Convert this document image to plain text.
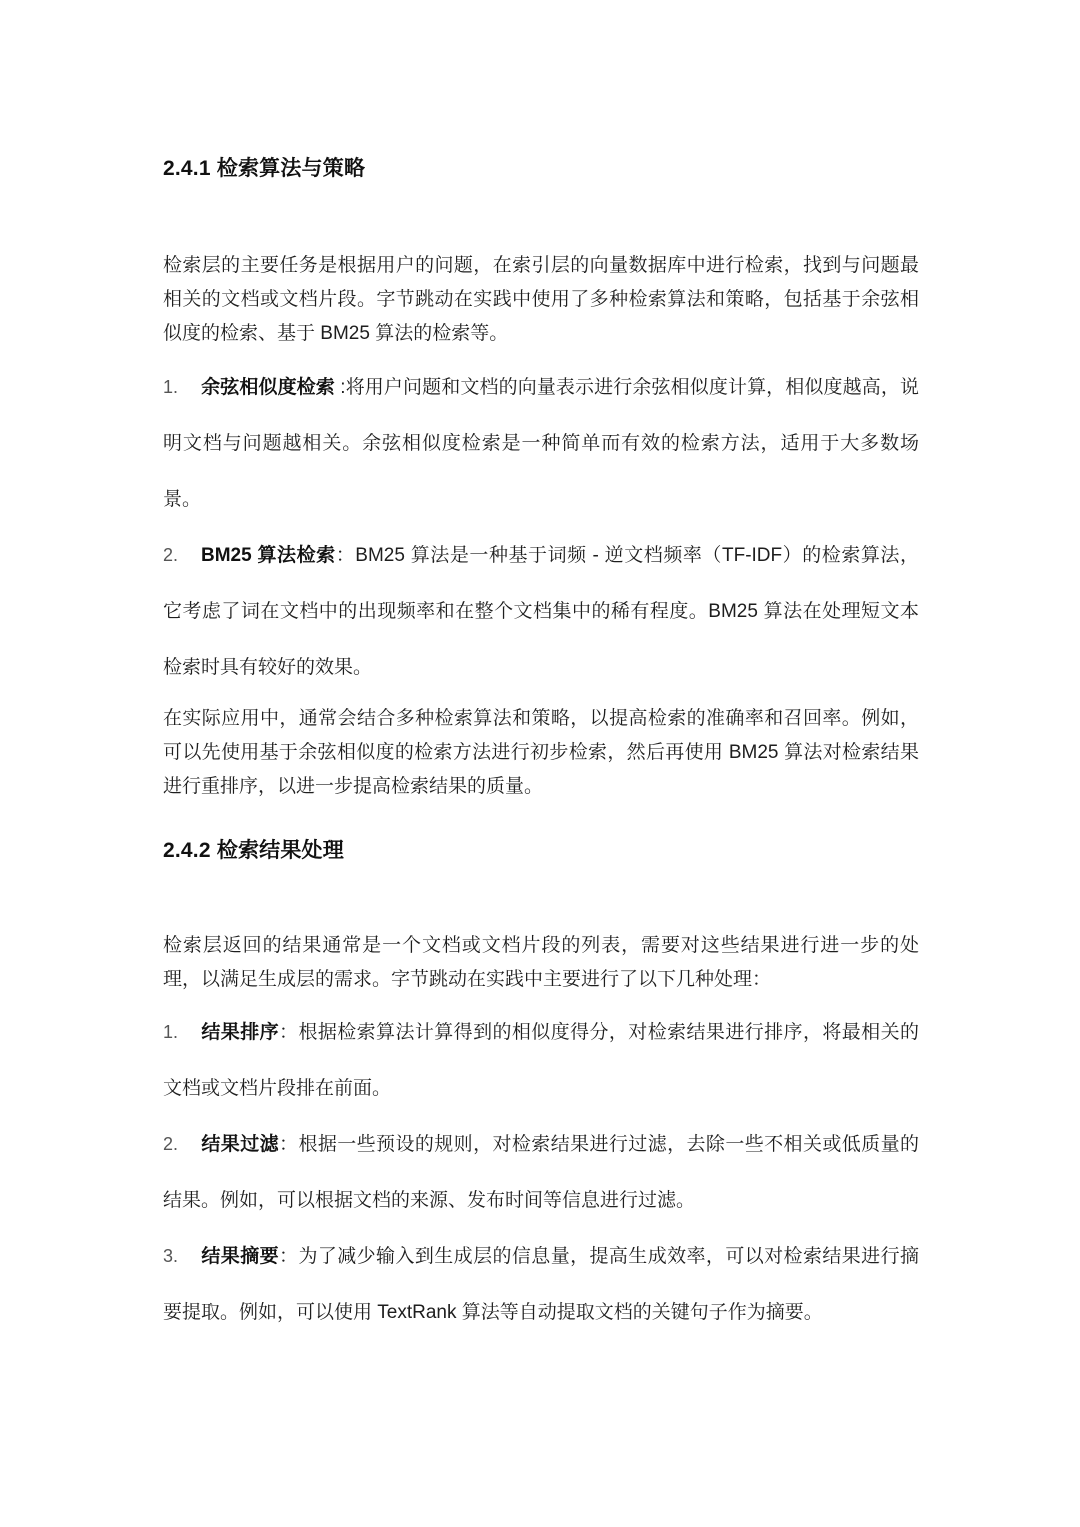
2.4.1 检索算法与策略
检索层的主要任务是根据用户的问题，在索引层的向量数据库中进行检索，找到与问题最相关的文档或文档片段。字节跳动在实践中使用了多种检索算法和策略，包括基于余弦相似度的检索、基于 BM25 算法的检索等。
1. 余弦相似度检索 :将用户问题和文档的向量表示进行余弦相似度计算，相似度越高，说明文档与问题越相关。余弦相似度检索是一种简单而有效的检索方法，适用于大多数场景。
2. BM25 算法检索：BM25 算法是一种基于词频 - 逆文档频率（TF-IDF）的检索算法，它考虑了词在文档中的出现频率和在整个文档集中的稀有程度。BM25 算法在处理短文本检索时具有较好的效果。
在实际应用中，通常会结合多种检索算法和策略，以提高检索的准确率和召回率。例如，可以先使用基于余弦相似度的检索方法进行初步检索，然后再使用 BM25 算法对检索结果进行重排序，以进一步提高检索结果的质量。
2.4.2 检索结果处理
检索层返回的结果通常是一个文档或文档片段的列表，需要对这些结果进行进一步的处理，以满足生成层的需求。字节跳动在实践中主要进行了以下几种处理：
1. 结果排序：根据检索算法计算得到的相似度得分，对检索结果进行排序，将最相关的文档或文档片段排在前面。
2. 结果过滤：根据一些预设的规则，对检索结果进行过滤，去除一些不相关或低质量的结果。例如，可以根据文档的来源、发布时间等信息进行过滤。
3. 结果摘要：为了减少输入到生成层的信息量，提高生成效率，可以对检索结果进行摘要提取。例如，可以使用 TextRank 算法等自动提取文档的关键句子作为摘要。
